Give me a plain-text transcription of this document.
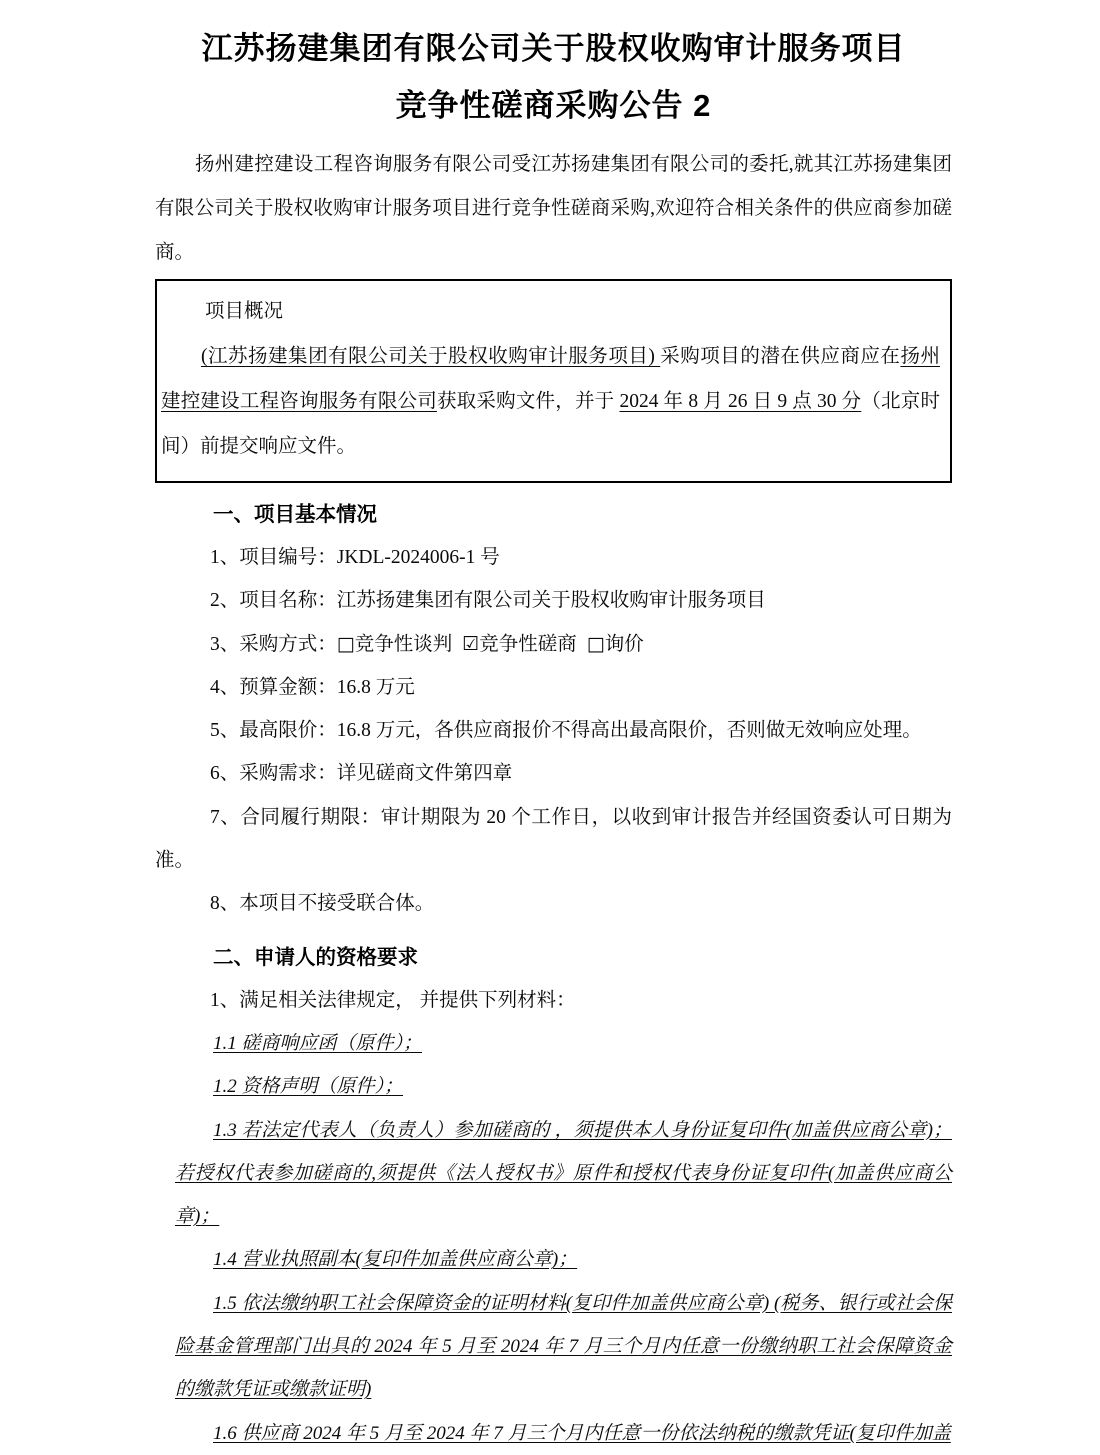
江苏扬建集团有限公司关于股权收购审计服务项目
竞争性磋商采购公告 2

扬州建控建设工程咨询服务有限公司受江苏扬建集团有限公司的委托,就其江苏扬建集团有限公司关于股权收购审计服务项目进行竞争性磋商采购,欢迎符合相关条件的供应商参加磋商。

项目概况

(江苏扬建集团有限公司关于股权收购审计服务项目) 采购项目的潜在供应商应在扬州建控建设工程咨询服务有限公司获取采购文件，并于 2024 年 8 月 26 日 9 点 30 分（北京时间）前提交响应文件。

一、项目基本情况

1、项目编号：JKDL-2024006-1 号

2、项目名称：江苏扬建集团有限公司关于股权收购审计服务项目

3、采购方式：□竞争性谈判 ☑竞争性磋商 □询价

4、预算金额：16.8 万元

5、最高限价：16.8 万元，各供应商报价不得高出最高限价，否则做无效响应处理。

6、采购需求：详见磋商文件第四章

7、合同履行期限：审计期限为 20 个工作日，以收到审计报告并经国资委认可日期为准。

8、本项目不接受联合体。

二、申请人的资格要求

1、满足相关法律规定， 并提供下列材料：

1.1 磋商响应函（原件）；

1.2 资格声明（原件）；

1.3 若法定代表人（负责人）参加磋商的 ，须提供本人身份证复印件(加盖供应商公章)；若授权代表参加磋商的,须提供《法人授权书》原件和授权代表身份证复印件(加盖供应商公章)；

1.4 营业执照副本(复印件加盖供应商公章)；

1.5 依法缴纳职工社会保障资金的证明材料(复印件加盖供应商公章) (税务、银行或社会保险基金管理部门出具的 2024 年 5 月至 2024 年 7 月三个月内任意一份缴纳职工社会保障资金的缴款凭证或缴款证明)

1.6 供应商 2024 年 5 月至 2024 年 7 月三个月内任意一份依法纳税的缴款凭证(复印件加盖
